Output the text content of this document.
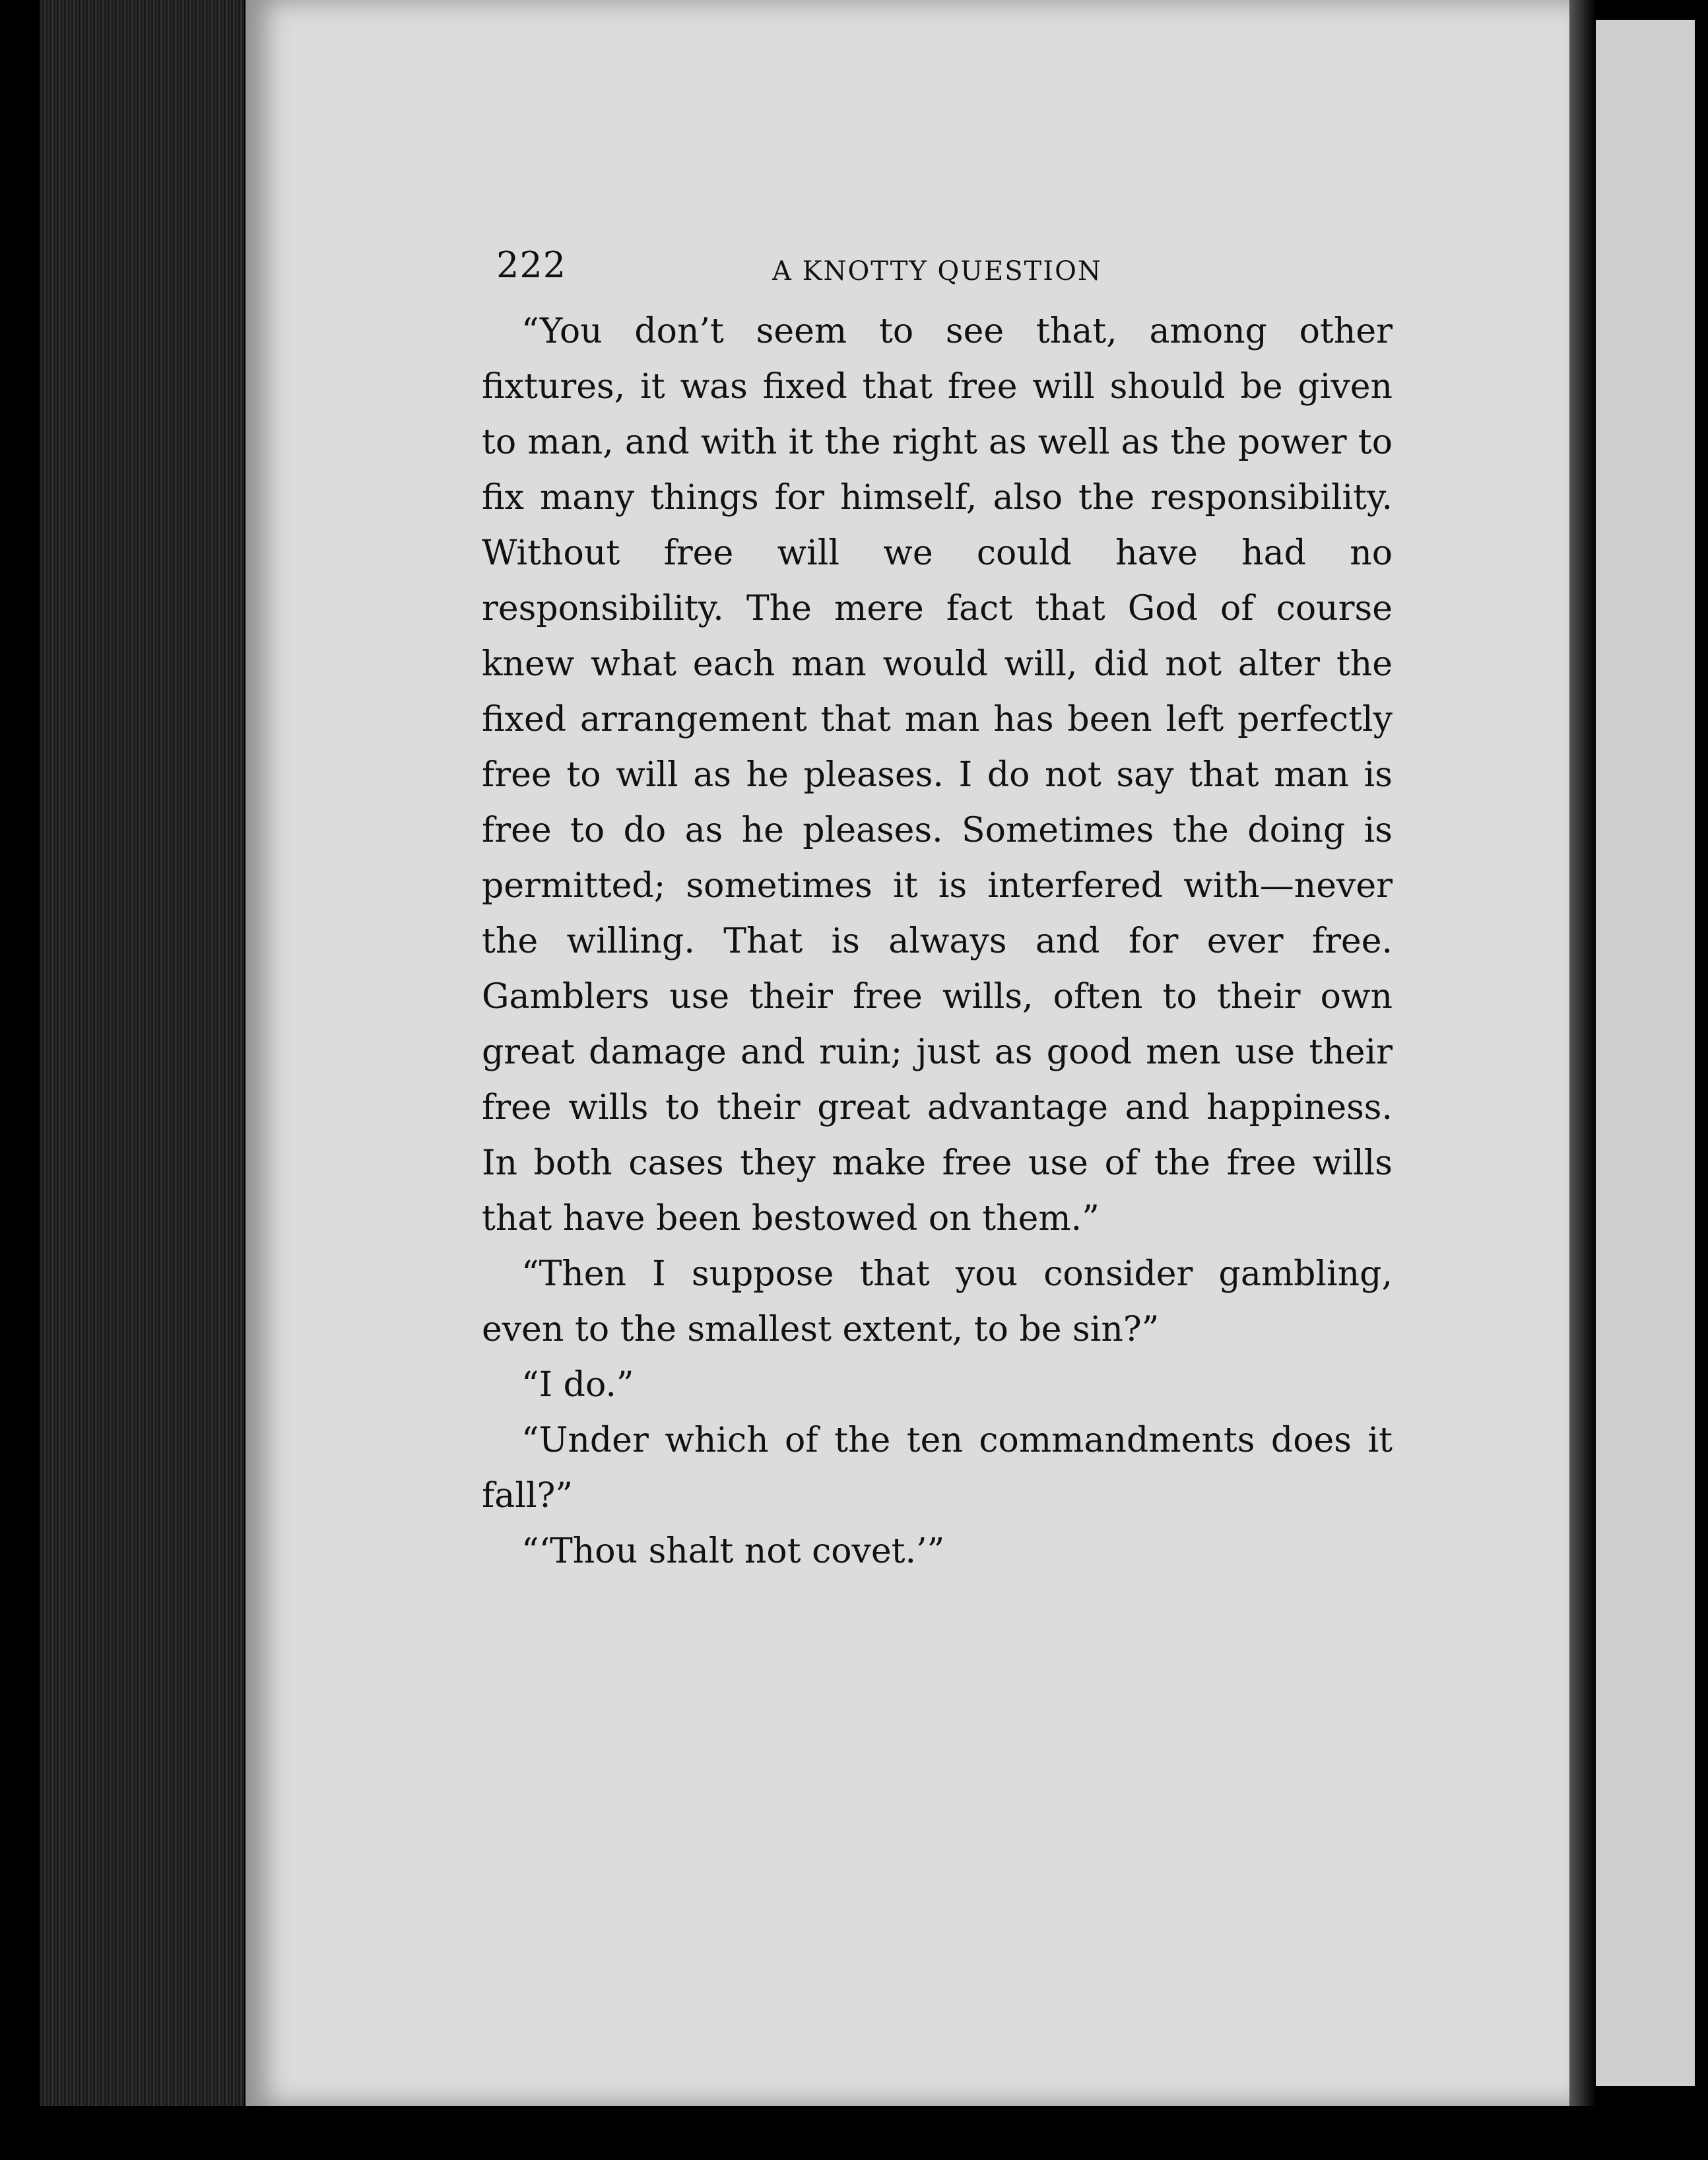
222	A KNOTTY QUESTION

“You don’t seem to see that, among other fixtures, it was fixed that free will should be given to man, and with it the right as well as the power to fix many things for himself, also the responsibility. Without free will we could have had no responsibility. The mere fact that God of course knew what each man would will, did not alter the fixed arrangement that man has been left perfectly free to will as he pleases. I do not say that man is free to do as he pleases. Sometimes the doing is permitted; sometimes it is interfered with—never the willing. That is always and for ever free. Gamblers use their free wills, often to their own great damage and ruin; just as good men use their free wills to their great advantage and happiness. In both cases they make free use of the free wills that have been bestowed on them.”

“Then I suppose that you consider gambling, even to the smallest extent, to be sin?”

“I do.”

“Under which of the ten commandments does it fall?”

“‘Thou shalt not covet.’”
